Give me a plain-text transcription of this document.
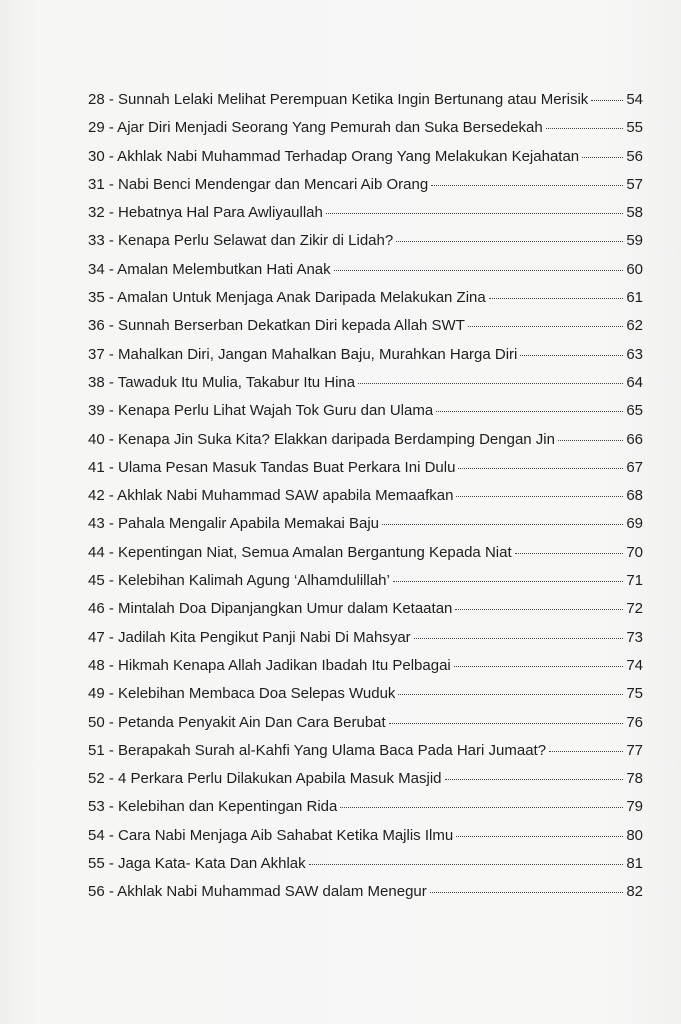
28 - Sunnah Lelaki Melihat Perempuan Ketika Ingin Bertunang atau Merisik	54
29 - Ajar Diri Menjadi Seorang Yang Pemurah dan Suka Bersedekah	55
30 - Akhlak Nabi Muhammad Terhadap Orang Yang Melakukan Kejahatan	56
31 - Nabi Benci Mendengar dan Mencari Aib Orang	57
32 - Hebatnya Hal Para Awliyaullah	58
33 - Kenapa Perlu Selawat dan Zikir di Lidah?	59
34 - Amalan Melembutkan Hati Anak	60
35 - Amalan Untuk Menjaga Anak Daripada Melakukan Zina	61
36 - Sunnah Berserban Dekatkan Diri kepada Allah SWT	62
37 - Mahalkan Diri, Jangan Mahalkan Baju, Murahkan Harga Diri	63
38 - Tawaduk Itu Mulia, Takabur Itu Hina	64
39 - Kenapa Perlu Lihat Wajah Tok Guru dan Ulama	65
40 - Kenapa Jin Suka Kita? Elakkan daripada Berdamping Dengan Jin	66
41 - Ulama Pesan Masuk Tandas Buat Perkara Ini Dulu	67
42 - Akhlak Nabi Muhammad SAW apabila Memaafkan	68
43 - Pahala Mengalir Apabila Memakai Baju	69
44 - Kepentingan Niat, Semua Amalan Bergantung Kepada Niat	70
45 - Kelebihan Kalimah Agung ‘Alhamdulillah’	71
46 - Mintalah Doa Dipanjangkan Umur dalam Ketaatan	72
47 - Jadilah Kita Pengikut Panji Nabi Di Mahsyar	73
48 - Hikmah Kenapa Allah Jadikan Ibadah Itu Pelbagai	74
49 - Kelebihan Membaca Doa Selepas Wuduk	75
50 - Petanda Penyakit Ain Dan Cara Berubat	76
51 - Berapakah Surah al-Kahfi Yang Ulama Baca Pada Hari Jumaat?	77
52 - 4 Perkara Perlu Dilakukan Apabila Masuk Masjid	78
53 - Kelebihan dan Kepentingan Rida	79
54 - Cara Nabi Menjaga Aib Sahabat Ketika Majlis Ilmu	80
55 - Jaga Kata- Kata Dan Akhlak	81
56 - Akhlak Nabi Muhammad SAW dalam Menegur	82
